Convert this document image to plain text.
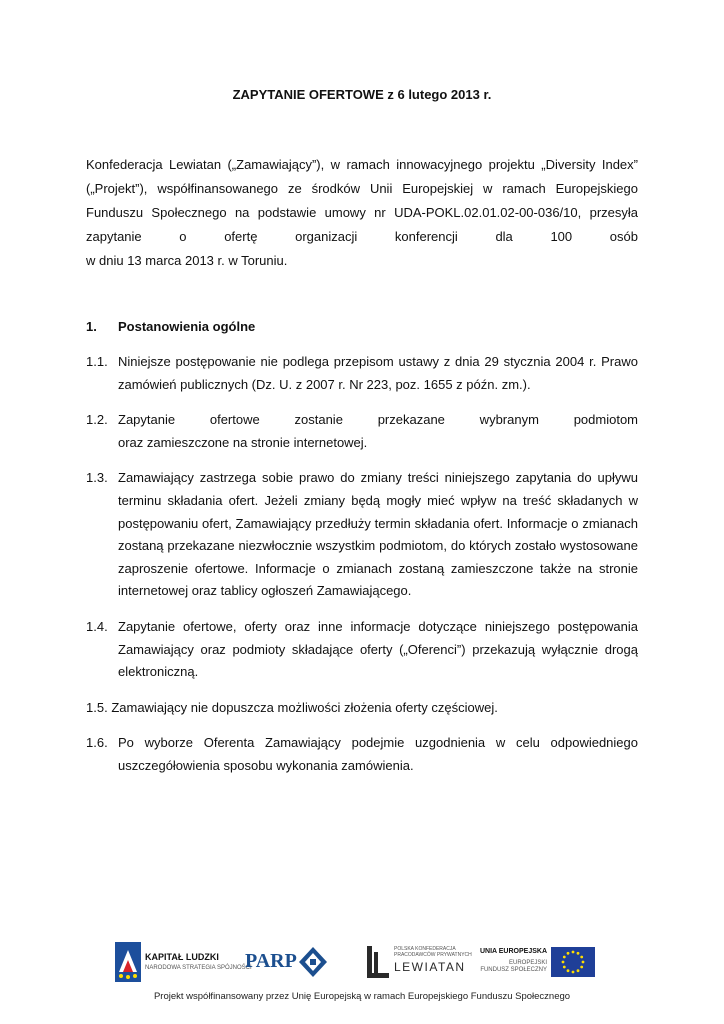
ZAPYTANIE OFERTOWE z 6 lutego 2013 r.

Konfederacja Lewiatan („Zamawiający”), w ramach innowacyjnego projektu „Diversity Index”

(„Projekt”), współfinansowanego ze środków Unii Europejskiej w ramach Europejskiego

Funduszu Społecznego na podstawie umowy nr UDA-POKL.02.01.02-00-036/10, przesyła

zapytanie o ofertę organizacji konferencji dla 100 osób

w dniu 13 marca 2013 r. w Toruniu.

1. Postanowienia ogólne
1.1. Niniejsze postępowanie nie podlega przepisom ustawy z dnia 29 stycznia 2004 r. Prawo zamówień publicznych (Dz. U. z 2007 r. Nr 223, poz. 1655 z późn. zm.).
1.2. Zapytanie ofertowe zostanie przekazane wybranym podmiotom
oraz zamieszczone na stronie internetowej.
1.3. Zamawiający zastrzega sobie prawo do zmiany treści niniejszego zapytania do upływu terminu składania ofert. Jeżeli zmiany będą mogły mieć wpływ na treść składanych w postępowaniu ofert, Zamawiający przedłuży termin składania ofert. Informacje o zmianach zostaną przekazane niezwłocznie wszystkim podmiotom, do których zostało wystosowane zaproszenie ofertowe. Informacje o zmianach zostaną zamieszczone także na stronie internetowej oraz tablicy ogłoszeń Zamawiającego.
1.4. Zapytanie ofertowe, oferty oraz inne informacje dotyczące niniejszego postępowania Zamawiający oraz podmioty składające oferty („Oferenci”) przekazują wyłącznie drogą elektroniczną.
1.5. Zamawiający nie dopuszcza możliwości złożenia oferty częściowej.
1.6. Po wyborze Oferenta Zamawiający podejmie uzgodnienia w celu odpowiedniego uszczegółowienia sposobu wykonania zamówienia.
KAPITAŁ LUDZKI
NARODOWA STRATEGIA SPÓJNOŚCI
PARP
POLSKA KONFEDERACJA
PRACODAWCÓW PRYWATNYCH
LEWIATAN
UNIA EUROPEJSKA
EUROPEJSKI
FUNDUSZ SPOŁECZNY
Projekt współfinansowany przez Unię Europejską w ramach Europejskiego Funduszu Społecznego
